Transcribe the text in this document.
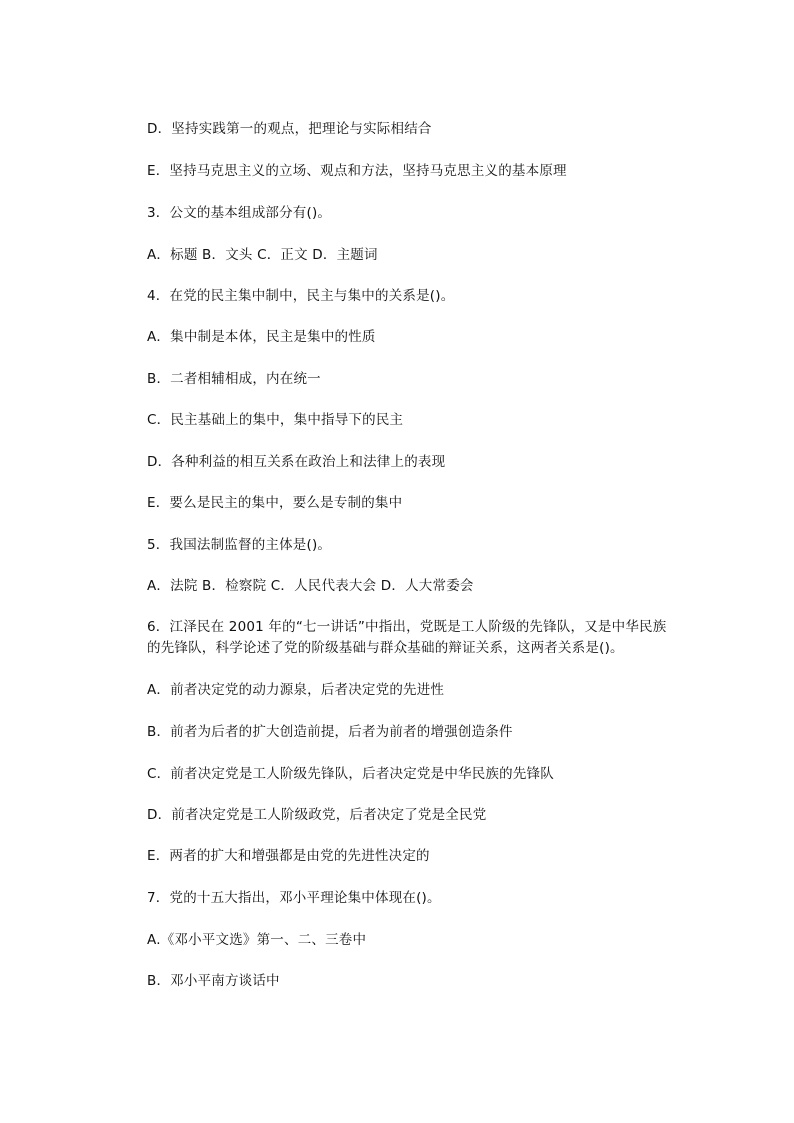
D．坚持实践第一的观点，把理论与实际相结合
E．坚持马克思主义的立场、观点和方法，坚持马克思主义的基本原理
3．公文的基本组成部分有()。
A．标题 B．文头 C．正文 D．主题词
4．在党的民主集中制中，民主与集中的关系是()。
A．集中制是本体，民主是集中的性质
B．二者相辅相成，内在统一
C．民主基础上的集中，集中指导下的民主
D．各种利益的相互关系在政治上和法律上的表现
E．要么是民主的集中，要么是专制的集中
5．我国法制监督的主体是()。
A．法院 B．检察院 C．人民代表大会 D．人大常委会
6．江泽民在 2001 年的“七一讲话”中指出，党既是工人阶级的先锋队，又是中华民族的先锋队，科学论述了党的阶级基础与群众基础的辩证关系，这两者关系是()。
A．前者决定党的动力源泉，后者决定党的先进性
B．前者为后者的扩大创造前提，后者为前者的增强创造条件
C．前者决定党是工人阶级先锋队，后者决定党是中华民族的先锋队
D．前者决定党是工人阶级政党，后者决定了党是全民党
E．两者的扩大和增强都是由党的先进性决定的
7．党的十五大指出，邓小平理论集中体现在()。
A.《邓小平文选》第一、二、三卷中
B．邓小平南方谈话中
